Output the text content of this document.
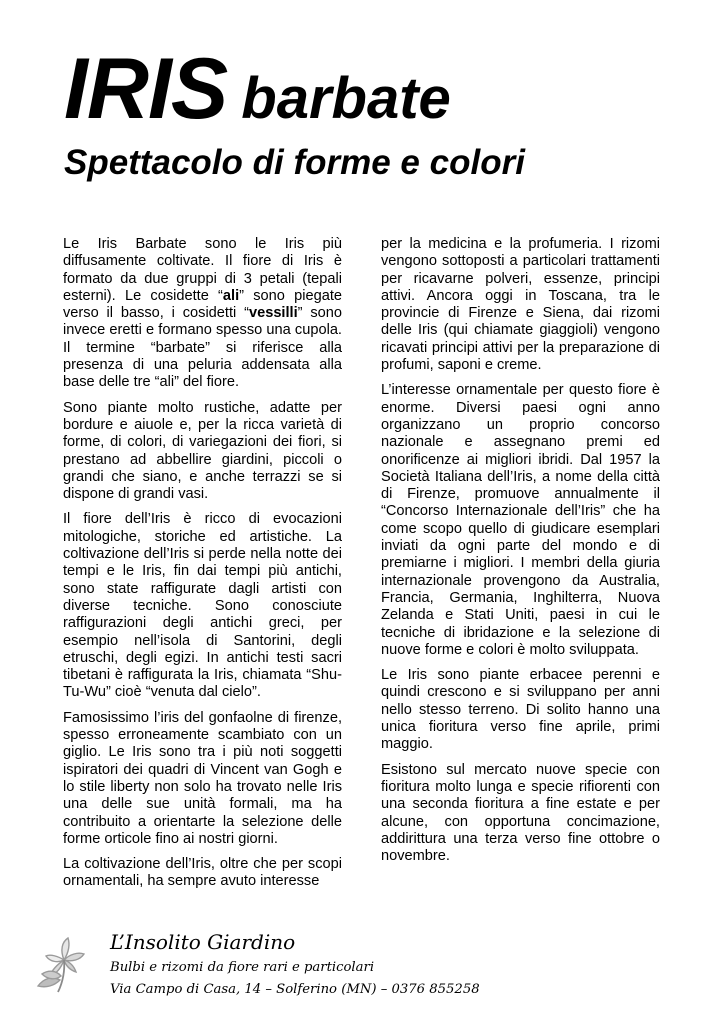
IRIS barbate
Spettacolo di forme e colori

Le Iris Barbate sono le Iris più diffusamente coltivate. Il fiore di Iris è formato da due gruppi di 3 petali (tepali esterni). Le cosidette “ali” sono piegate verso il basso, i cosidetti “vessilli” sono invece eretti e formano spesso una cupola. Il termine “barbate” si riferisce alla presenza di una peluria addensata alla base delle tre “ali” del fiore.

Sono piante molto rustiche, adatte per bordure e aiuole e, per la ricca varietà di forme, di colori, di variegazioni dei fiori, si prestano ad abbellire giardini, piccoli o grandi che siano, e anche terrazzi se si dispone di grandi vasi.

Il fiore dell’Iris è ricco di evocazioni mitologiche, storiche ed artistiche. La coltivazione dell’Iris si perde nella notte dei tempi e le Iris, fin dai tempi più antichi, sono state raffigurate dagli artisti con diverse tecniche. Sono conosciute raffigurazioni degli antichi greci, per esempio nell’isola di Santorini, degli etruschi, degli egizi. In antichi testi sacri tibetani è raffigurata la Iris, chiamata “Shu-Tu-Wu” cioè “venuta dal cielo”.

Famosissimo l’iris del gonfaolne di firenze, spesso erroneamente scambiato con un giglio. Le Iris sono tra i più noti soggetti ispiratori dei quadri di Vincent van Gogh e lo stile liberty non solo ha trovato nelle Iris una delle sue unità formali, ma ha contribuito a orientarte la selezione delle forme orticole fino ai nostri giorni.

La coltivazione dell’Iris, oltre che per scopi ornamentali, ha sempre avuto interesse

per la medicina e la profumeria. I rizomi vengono sottoposti a particolari trattamenti per ricavarne polveri, essenze, principi attivi. Ancora oggi in Toscana, tra le provincie di Firenze e Siena, dai rizomi delle Iris (qui chiamate giaggioli) vengono ricavati principi attivi per la preparazione di profumi, saponi e creme.

L’interesse ornamentale per questo fiore è enorme. Diversi paesi ogni anno organizzano un proprio concorso nazionale e assegnano premi ed onorificenze ai migliori ibridi. Dal 1957 la Società Italiana dell’Iris, a nome della città di Firenze, promuove annualmente il “Concorso Internazionale dell’Iris” che ha come scopo quello di giudicare esemplari inviati da ogni parte del mondo e di premiarne i migliori. I membri della giuria internazionale provengono da Australia, Francia, Germania, Inghilterra, Nuova Zelanda e Stati Uniti, paesi in cui le tecniche di ibridazione e la selezione di nuove forme e colori è molto sviluppata.

Le Iris sono piante erbacee perenni e quindi crescono e si sviluppano per anni nello stesso terreno. Di solito hanno una unica fioritura verso fine aprile, primi maggio.

Esistono sul mercato nuove specie con fioritura molto lunga e specie rifiorenti con una seconda fioritura a fine estate e per alcune, con opportuna concimazione, addirittura una terza verso fine ottobre o novembre.

L’Insolito Giardino

Bulbi e rizomi da fiore rari e particolari

Via Campo di Casa, 14 – Solferino (MN) – 0376 855258
